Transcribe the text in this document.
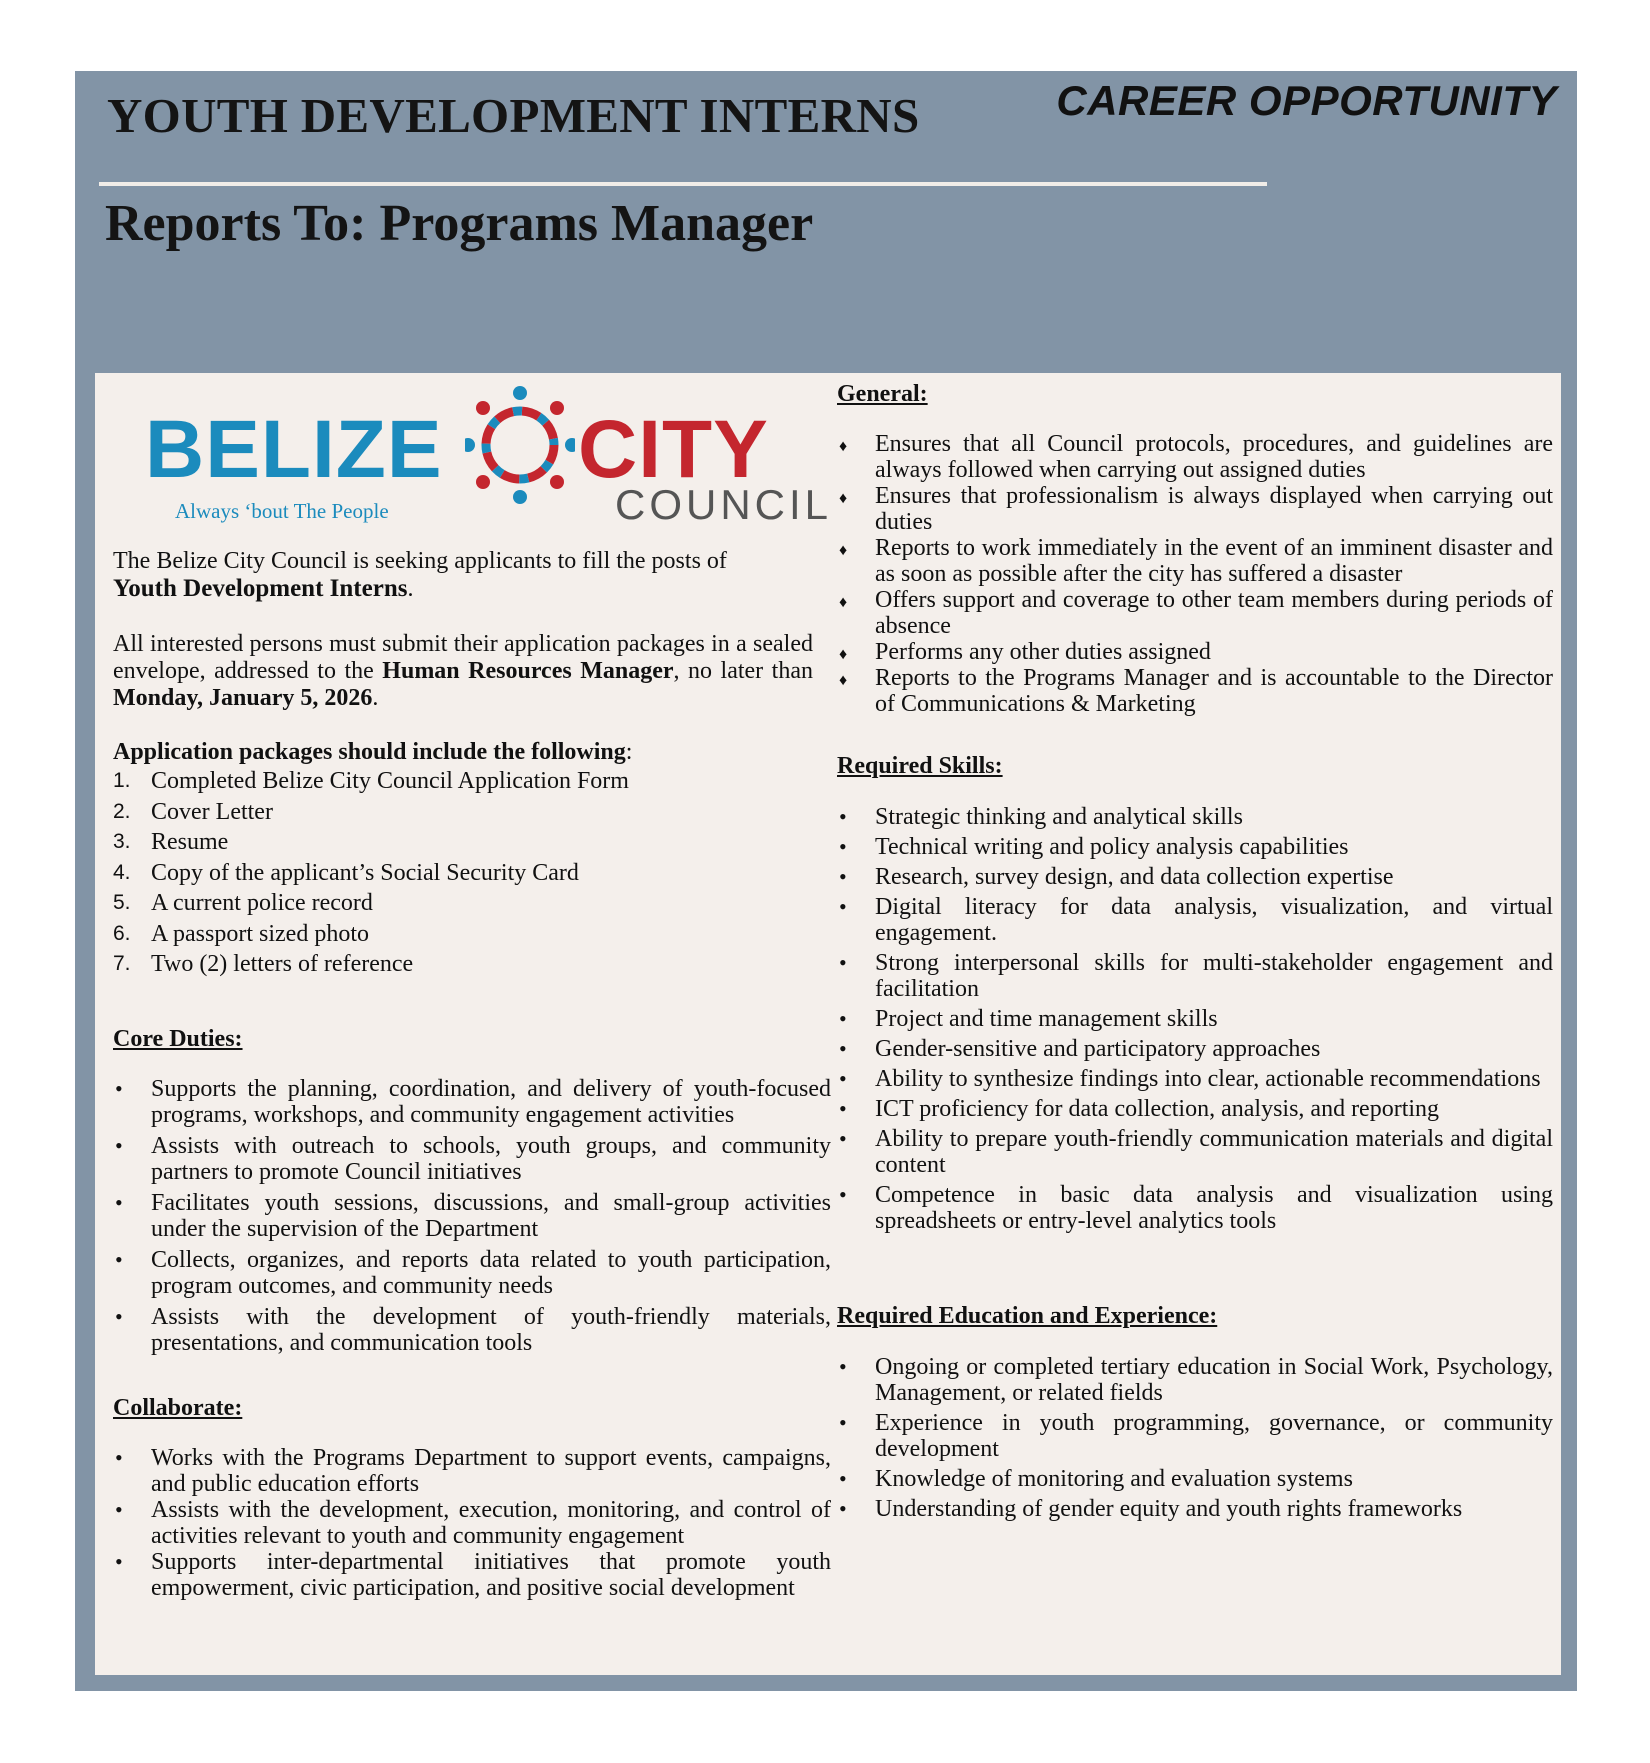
YOUTH DEVELOPMENT INTERNS	CAREER OPPORTUNITY
Reports To: Programs Manager
BELIZE CITY
COUNCIL
Always ‘bout The People
The Belize City Council is seeking applicants to fill the posts of
Youth Development Interns.
All interested persons must submit their application packages in a sealed envelope, addressed to the Human Resources Manager, no later than Monday, January 5, 2026.
Application packages should include the following:
1. Completed Belize City Council Application Form
2. Cover Letter
3. Resume
4. Copy of the applicant’s Social Security Card
5. A current police record
6. A passport sized photo
7. Two (2) letters of reference
Core Duties:
• Supports the planning, coordination, and delivery of youth-focused programs, workshops, and community engagement activities
• Assists with outreach to schools, youth groups, and community partners to promote Council initiatives
• Facilitates youth sessions, discussions, and small-group activities under the supervision of the Department
• Collects, organizes, and reports data related to youth participation, program outcomes, and community needs
• Assists with the development of youth-friendly materials, presentations, and communication tools
Collaborate:
• Works with the Programs Department to support events, campaigns, and public education efforts
• Assists with the development, execution, monitoring, and control of activities relevant to youth and community engagement
• Supports inter-departmental initiatives that promote youth empowerment, civic participation, and positive social development
General:
♦ Ensures that all Council protocols, procedures, and guidelines are always followed when carrying out assigned duties
♦ Ensures that professionalism is always displayed when carrying out duties
♦ Reports to work immediately in the event of an imminent disaster and as soon as possible after the city has suffered a disaster
♦ Offers support and coverage to other team members during periods of absence
♦ Performs any other duties assigned
♦ Reports to the Programs Manager and is accountable to the Director of Communications & Marketing
Required Skills:
• Strategic thinking and analytical skills
• Technical writing and policy analysis capabilities
• Research, survey design, and data collection expertise
• Digital literacy for data analysis, visualization, and virtual engagement.
• Strong interpersonal skills for multi-stakeholder engagement and facilitation
• Project and time management skills
• Gender-sensitive and participatory approaches
• Ability to synthesize findings into clear, actionable recommendations
• ICT proficiency for data collection, analysis, and reporting
• Ability to prepare youth-friendly communication materials and digital content
• Competence in basic data analysis and visualization using spreadsheets or entry-level analytics tools
Required Education and Experience:
• Ongoing or completed tertiary education in Social Work, Psychology, Management, or related fields
• Experience in youth programming, governance, or community development
• Knowledge of monitoring and evaluation systems
• Understanding of gender equity and youth rights frameworks
